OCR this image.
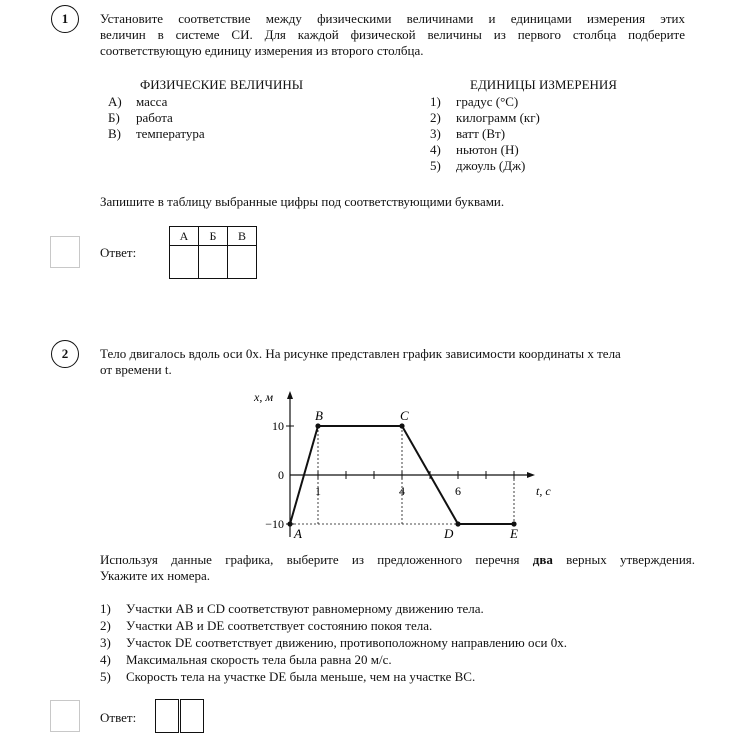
1	Установите соответствие между физическими величинами и единицами измерения этих
величин в системе СИ. Для каждой физической величины из первого столбца подберите
соответствующую единицу измерения из второго столбца.
ФИЗИЧЕСКИЕ ВЕЛИЧИНЫ
А) масса
Б) работа
В) температура
ЕДИНИЦЫ ИЗМЕРЕНИЯ
1) градус (°С)
2) килограмм (кг)
3) ватт (Вт)
4) ньютон (Н)
5) джоуль (Дж)
Запишите в таблицу выбранные цифры под соответствующими буквами.
Ответ:
А	Б	В

2	Тело двигалось вдоль оси 0x. На рисунке представлен график зависимости координаты x тела
от времени t.
A
B	C
D	E
1	4	6
10
0
−10
x, м
t, c
Используя данные графика, выберите из предложенного перечня два верных утверждения.
Укажите их номера.
1) Участки AB и CD соответствуют равномерному движению тела.
2) Участки AB и DE соответствует состоянию покоя тела.
3) Участок DE соответствует движению, противоположному направлению оси 0x.
4) Максимальная скорость тела была равна 20 м/с.
5) Скорость тела на участке DE была меньше, чем на участке BC.
Ответ:
